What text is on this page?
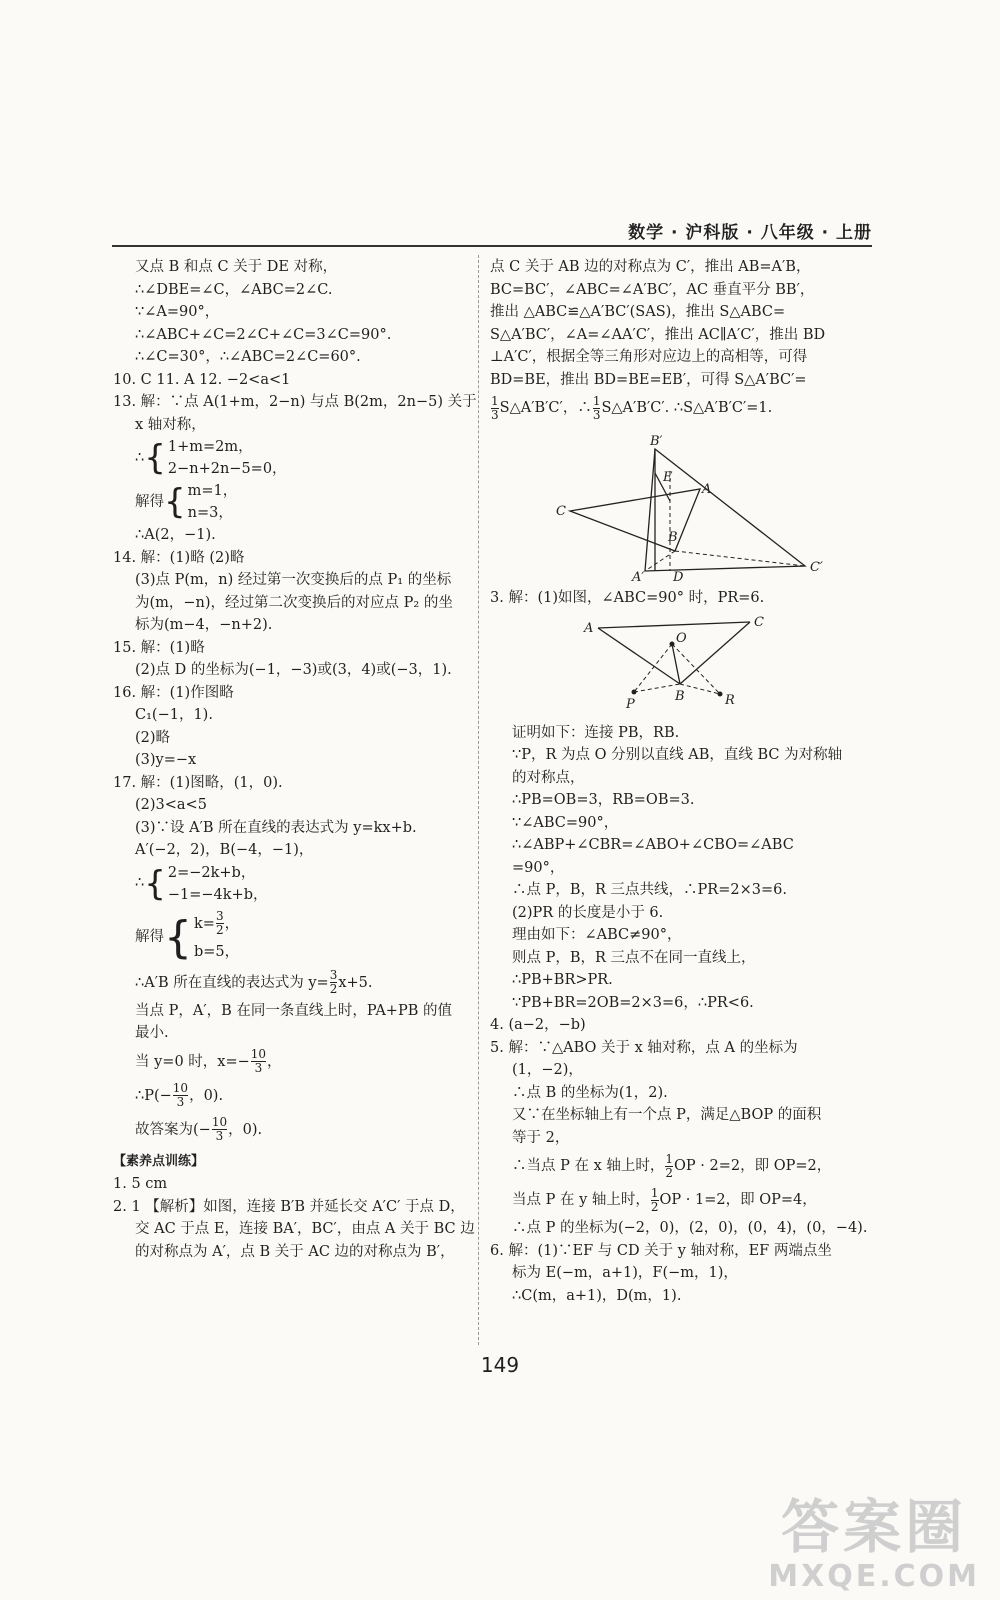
数学 · 沪科版 · 八年级 · 上册
又点 B 和点 C 关于 DE 对称，
∴∠DBE=∠C，∠ABC=2∠C.
∵∠A=90°，
∴∠ABC+∠C=2∠C+∠C=3∠C=90°.
∴∠C=30°，∴∠ABC=2∠C=60°.
10. C 11. A 12. −2<a<1
13. 解：∵点 A(1+m，2−n) 与点 B(2m，2n−5) 关于
x 轴对称，
∴ { 1+m=2m，
2−n+2n−5=0，
解得 { m=1，
n=3，
∴A(2，−1).
14. 解：(1)略 (2)略
(3)点 P(m，n) 经过第一次变换后的点 P₁ 的坐标
为(m，−n)，经过第二次变换后的对应点 P₂ 的坐
标为(m−4，−n+2).
15. 解：(1)略
(2)点 D 的坐标为(−1，−3)或(3，4)或(−3，1).
16. 解：(1)作图略
C₁(−1，1).
(2)略
(3)y=−x
17. 解：(1)图略，(1，0).
(2)3<a<5
(3)∵设 A′B 所在直线的表达式为 y=kx+b.
A′(−2，2)，B(−4，−1)，
∴ { 2=−2k+b，
−1=−4k+b，
解得 { $k= \frac{3}{2}$ ，
b=5，
∴A′B 所在直线的表达式为 $y= \frac{3}{2} x+5$.
当点 P，A′，B 在同一条直线上时，PA+PB 的值
最小.
当 y=0 时，$x=- \frac{10}{3}$ ，
∴P(− $\frac{10}{3}$ ，0).
故答案为(− $\frac{10}{3}$ ，0).
【素养点训练】
1. 5 cm
2. 1 【解析】如图，连接 B′B 并延长交 A′C′ 于点 D，
交 AC 于点 E，连接 BA′，BC′，由点 A 关于 BC 边
的对称点为 A′，点 B 关于 AC 边的对称点为 B′，
点 C 关于 AB 边的对称点为 C′，推出 AB=A′B，
BC=BC′，∠ABC=∠A′BC′，AC 垂直平分 BB′，
推出 △ABC≌△A′BC′(SAS)，推出 S△ABC=
S△A′BC′，∠A=∠AA′C′，推出 AC∥A′C′，推出 BD
⊥A′C′，根据全等三角形对应边上的高相等，可得
BD=BE，推出 BD=BE=EB′，可得 S△A′BC′=
$\frac{1}{3}$ S△A′B′C′，∴ $\frac{1}{3}$ S△A′B′C′. ∴S△A′B′C′=1.
B′
E
A
C
B
A′ D
C′
3. 解：(1)如图，∠ABC=90° 时，PR=6.
A	C
O
P
B	R
证明如下：连接 PB，RB.
∵P，R 为点 O 分别以直线 AB，直线 BC 为对称轴
的对称点，
∴PB=OB=3，RB=OB=3.
∵∠ABC=90°，
∴∠ABP+∠CBR=∠ABO+∠CBO=∠ABC
=90°，
∴点 P，B，R 三点共线，∴PR=2×3=6.
(2)PR 的长度是小于 6.
理由如下：∠ABC≠90°，
则点 P，B，R 三点不在同一直线上，
∴PB+BR>PR.
∵PB+BR=2OB=2×3=6，∴PR<6.
4. (a−2，−b)
5. 解：∵△ABO 关于 x 轴对称，点 A 的坐标为
(1，−2)，
∴点 B 的坐标为(1，2).
又∵在坐标轴上有一个点 P，满足△BOP 的面积
等于 2，
∴当点 P 在 x 轴上时， $\frac{1}{2}$ OP · 2=2，即 OP=2，
当点 P 在 y 轴上时， $\frac{1}{2}$ OP · 1=2，即 OP=4，
∴点 P 的坐标为(−2，0)，(2，0)，(0，4)，(0，−4).
6. 解：(1)∵EF 与 CD 关于 y 轴对称，EF 两端点坐
标为 E(−m，a+1)，F(−m，1)，
∴C(m，a+1)，D(m，1).
149
答案圈
MXQE.COM
